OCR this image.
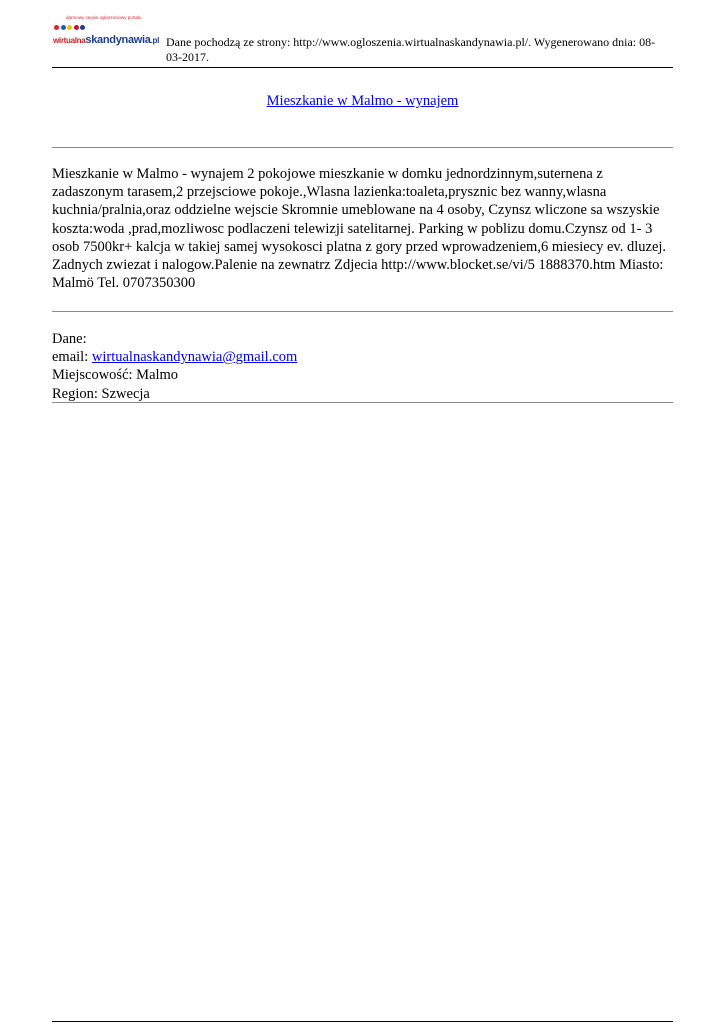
darmowy serwis ogłoszeniowy portalu
wirtualnaskandynawia.pl Dane pochodzą ze strony: http://www.ogloszenia.wirtualnaskandynawia.pl/. Wygenerowano dnia: 08-03-2017.
Mieszkanie w Malmo - wynajem

Mieszkanie w Malmo - wynajem 2 pokojowe mieszkanie w domku jednordzinnym,suternena z zadaszonym tarasem,2 przejsciowe pokoje.,Wlasna lazienka:toaleta,prysznic bez wanny,wlasna kuchnia/pralnia,oraz oddzielne wejscie Skromnie umeblowane na 4 osoby, Czynsz wliczone sa wszyskie koszta:woda ,prad,mozliwosc podlaczeni telewizji satelitarnej. Parking w poblizu domu.Czynsz od 1- 3 osob 7500kr+ kalcja w takiej samej wysokosci platna z gory przed wprowadzeniem,6 miesiecy ev. dluzej. Zadnych zwiezat i nalogow.Palenie na zewnatrz Zdjecia http://www.blocket.se/vi/5 1888370.htm Miasto: Malmö Tel. 0707350300

Dane:
email: wirtualnaskandynawia@gmail.com
Miejscowość: Malmo
Region: Szwecja
